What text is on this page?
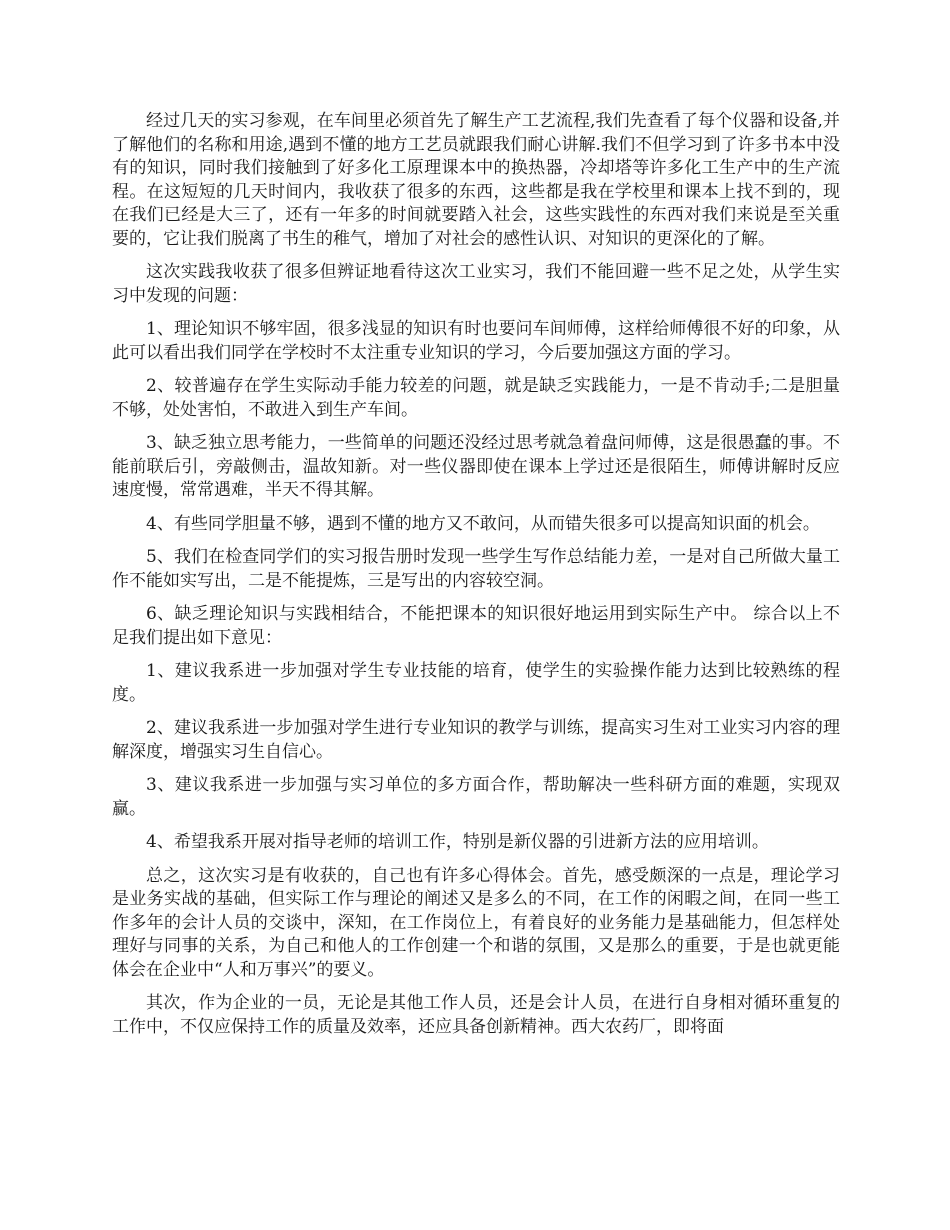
经过几天的实习参观，在车间里必须首先了解生产工艺流程,我们先查看了每个仪器和设备,并了解他们的名称和用途,遇到不懂的地方工艺员就跟我们耐心讲解.我们不但学习到了许多书本中没有的知识，同时我们接触到了好多化工原理课本中的换热器，冷却塔等许多化工生产中的生产流程。在这短短的几天时间内，我收获了很多的东西，这些都是我在学校里和课本上找不到的，现在我们已经是大三了，还有一年多的时间就要踏入社会，这些实践性的东西对我们来说是至关重要的，它让我们脱离了书生的稚气，增加了对社会的感性认识、对知识的更深化的了解。

这次实践我收获了很多但辨证地看待这次工业实习，我们不能回避一些不足之处，从学生实习中发现的问题：

1、理论知识不够牢固，很多浅显的知识有时也要问车间师傅，这样给师傅很不好的印象，从此可以看出我们同学在学校时不太注重专业知识的学习，今后要加强这方面的学习。

2、较普遍存在学生实际动手能力较差的问题，就是缺乏实践能力，一是不肯动手;二是胆量不够，处处害怕，不敢进入到生产车间。

3、缺乏独立思考能力，一些简单的问题还没经过思考就急着盘问师傅，这是很愚蠢的事。不能前联后引，旁敲侧击，温故知新。对一些仪器即使在课本上学过还是很陌生，师傅讲解时反应速度慢，常常遇难，半天不得其解。

4、有些同学胆量不够，遇到不懂的地方又不敢问，从而错失很多可以提高知识面的机会。

5、我们在检查同学们的实习报告册时发现一些学生写作总结能力差，一是对自己所做大量工作不能如实写出，二是不能提炼，三是写出的内容较空洞。

6、缺乏理论知识与实践相结合，不能把课本的知识很好地运用到实际生产中。 综合以上不足我们提出如下意见：

1、建议我系进一步加强对学生专业技能的培育，使学生的实验操作能力达到比较熟练的程度。

2、建议我系进一步加强对学生进行专业知识的教学与训练，提高实习生对工业实习内容的理解深度，增强实习生自信心。

3、建议我系进一步加强与实习单位的多方面合作，帮助解决一些科研方面的难题，实现双赢。

4、希望我系开展对指导老师的培训工作，特别是新仪器的引进新方法的应用培训。

总之，这次实习是有收获的，自己也有许多心得体会。首先，感受颇深的一点是，理论学习是业务实战的基础，但实际工作与理论的阐述又是多么的不同，在工作的闲暇之间，在同一些工作多年的会计人员的交谈中，深知，在工作岗位上，有着良好的业务能力是基础能力，但怎样处理好与同事的关系，为自己和他人的工作创建一个和谐的氛围，又是那么的重要，于是也就更能体会在企业中“人和万事兴”的要义。

其次，作为企业的一员，无论是其他工作人员，还是会计人员，在进行自身相对循环重复的工作中，不仅应保持工作的质量及效率，还应具备创新精神。西大农药厂，即将面
